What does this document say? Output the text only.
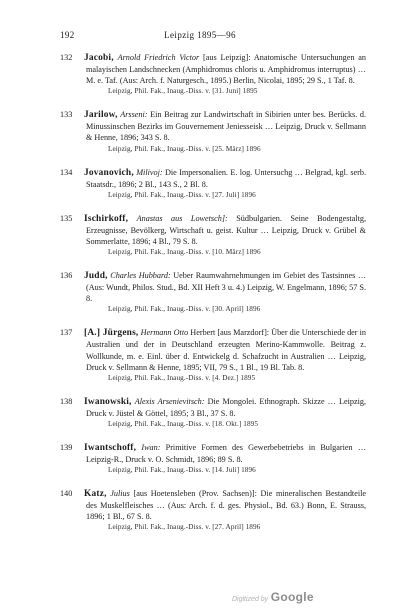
192	Leipzig 1895—96
132	Jacobi, Arnold Friedrich Victor [aus Leipzig]: Anatomische Untersuchungen an malayischen Landschnecken (Amphidromus chloris u. Amphidromus interruptus) … M. e. Taf. (Aus: Arch. f. Naturgesch., 1895.) Berlin, Nicolai, 1895; 29 S., 1 Taf. 8.
Leipzig, Phil. Fak., Inaug.-Diss. v. [31. Juni] 1895
133	Jarilow, Arsseni: Ein Beitrag zur Landwirtschaft in Sibirien unter bes. Berücks. d. Minussinschen Bezirks im Gouvernement Jeniesseisk … Leipzig, Druck v. Sellmann & Henne, 1896; 343 S. 8.
Leipzig, Phil. Fak., Inaug.-Diss. v. [25. März] 1896
134	Jovanovich, Milivoj: Die Impersonalien. E. log. Untersuchg … Belgrad, kgl. serb. Staatsdr., 1896; 2 Bl., 143 S., 2 Bl. 8.
Leipzig, Phil. Fak., Inaug.-Diss. v. [27. Juli] 1896
135	Ischirkoff, Anastas aus Lowetsch]: Südbulgarien. Seine Bodengestaltg, Erzeugnisse, Bevölkerg, Wirtschaft u. geist. Kultur … Leipzig, Druck v. Grübel & Sommerlatte, 1896; 4 Bl., 79 S. 8.
Leipzig, Phil. Fak., Inaug.-Diss. v. [10. März] 1896
136	Judd, Charles Hubbard: Ueber Raumwahrnehmungen im Gebiet des Tastsinnes … (Aus: Wundt, Philos. Stud., Bd. XII Heft 3 u. 4.) Leipzig, W. Engelmann, 1896; 57 S. 8.
Leipzig, Phil. Fak., Inaug.-Diss. v. [30. April] 1896
137	[A.] Jürgens, Hermann Otto Herbert [aus Marzdorf]: Über die Unterschiede der in Australien und der in Deutschland erzeugten Merino-Kammwolle. Beitrag z. Wollkunde, m. e. Einl. über d. Entwickelg d. Schafzucht in Australien … Leipzig, Druck v. Sellmann & Henne, 1895; VII, 79 S., 1 Bl., 19 Bl. Tab. 8.
Leipzig, Phil. Fak., Inaug.-Diss. v. [4. Dez.] 1895
138	Iwanowski, Alexis Arsenievitsch: Die Mongolei. Ethnograph. Skizze … Leipzig, Druck v. Jüstel & Göttel, 1895; 3 Bl., 37 S. 8.
Leipzig, Phil. Fak., Inaug.-Diss. v. [18. Okt.] 1895
139	Iwantschoff, Iwan: Primitive Formen des Gewerbebetriebs in Bulgarien … Leipzig-R., Druck v. O. Schmidt, 1896; 89 S. 8.
Leipzig, Phil. Fak., Inaug.-Diss. v. [14. Juli] 1896
140	Katz, Julius [aus Hoetensleben (Prov. Sachsen)]: Die mineralischen Bestandteile des Muskelfleisches … (Aus: Arch. f. d. ges. Physiol., Bd. 63.) Bonn, E. Strauss, 1896; 1 Bl., 67 S. 8.
Leipzig, Phil. Fak., Inaug.-Diss. v. [27. April] 1896
Digitized by Google
